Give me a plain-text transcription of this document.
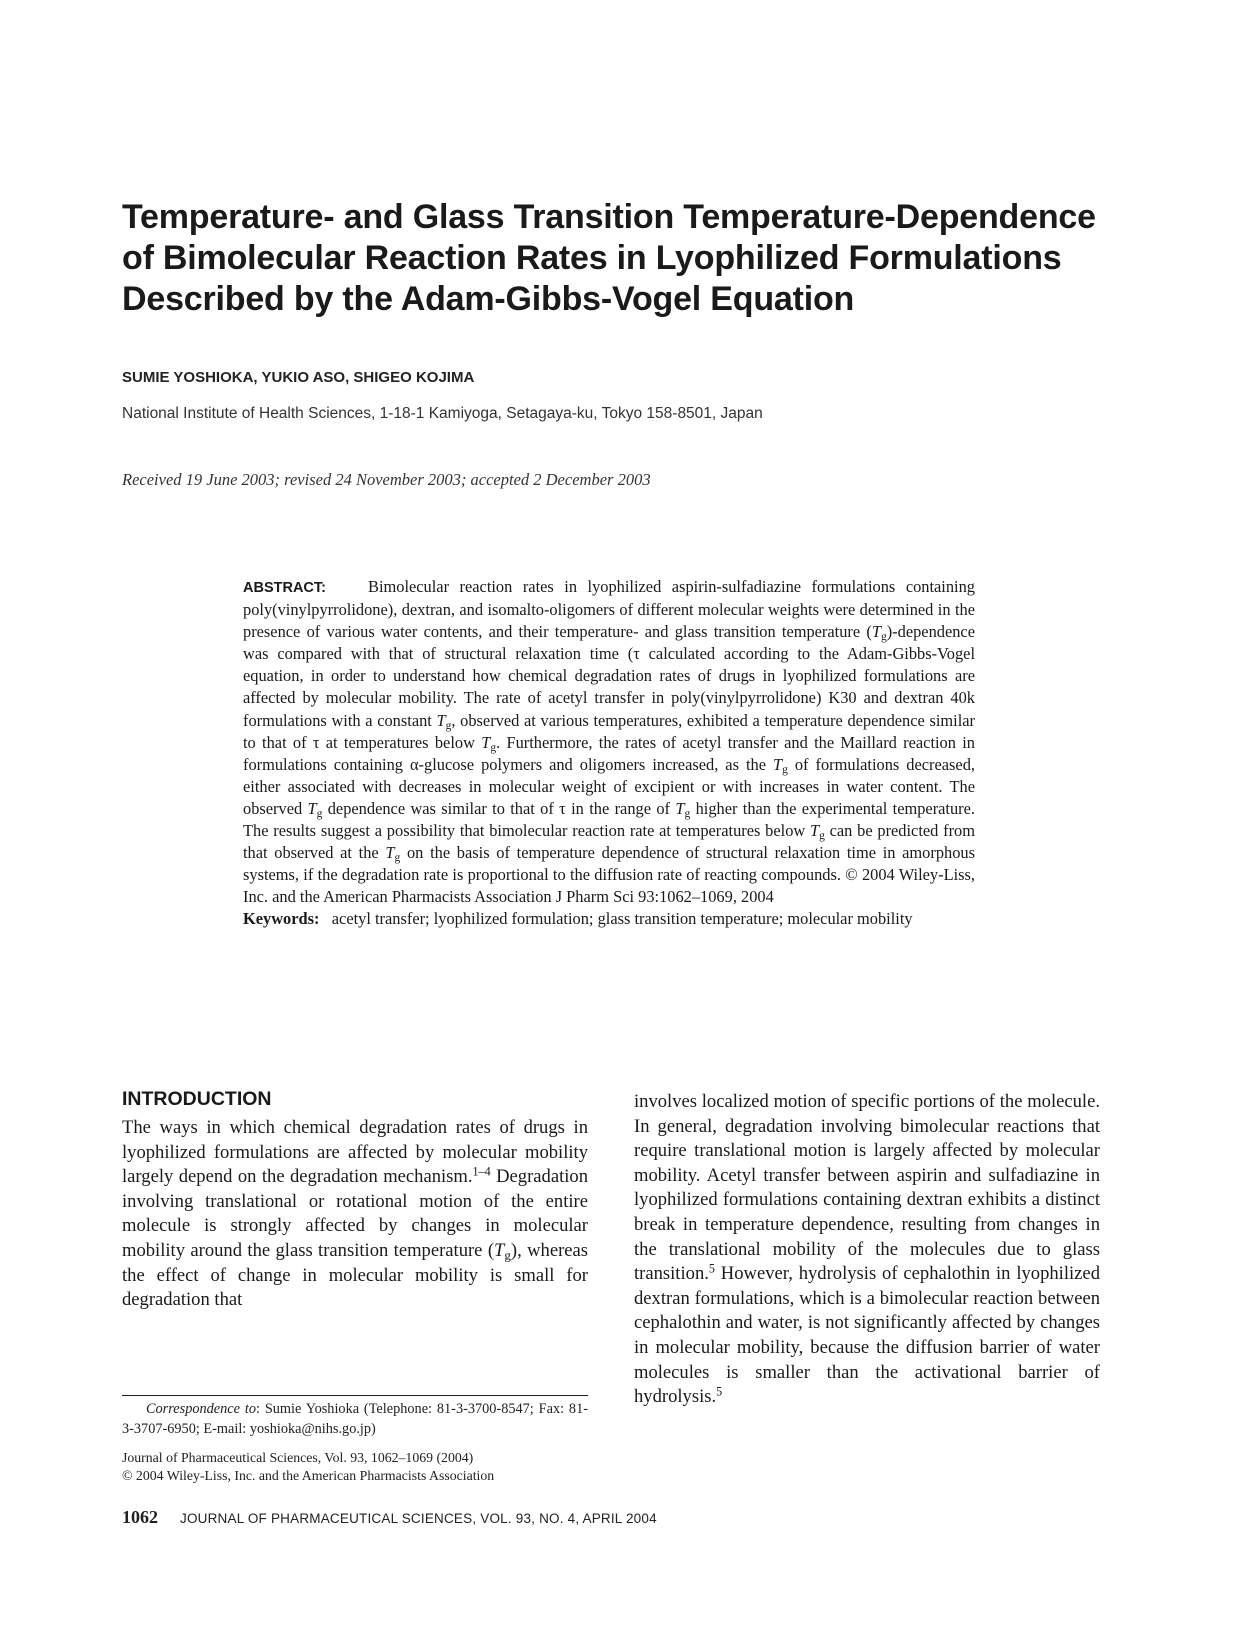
Temperature- and Glass Transition Temperature-Dependence
of Bimolecular Reaction Rates in Lyophilized Formulations
Described by the Adam-Gibbs-Vogel Equation
SUMIE YOSHIOKA, YUKIO ASO, SHIGEO KOJIMA
National Institute of Health Sciences, 1-18-1 Kamiyoga, Setagaya-ku, Tokyo 158-8501, Japan
Received 19 June 2003; revised 24 November 2003; accepted 2 December 2003
ABSTRACT:	Bimolecular reaction rates in lyophilized aspirin-sulfadiazine formulations containing poly(vinylpyrrolidone), dextran, and isomalto-oligomers of different molecular weights were determined in the presence of various water contents, and their temperature- and glass transition temperature $(T_g)$-dependence was compared with that of structural relaxation time (τ calculated according to the Adam-Gibbs-Vogel equation, in order to understand how chemical degradation rates of drugs in lyophilized formulations are affected by molecular mobility. The rate of acetyl transfer in poly(vinylpyrrolidone) K30 and dextran 40k formulations with a constant $T_g$, observed at various temperatures, exhibited a temperature dependence similar to that of τ at temperatures below $T_g$. Furthermore, the rates of acetyl transfer and the Maillard reaction in formulations containing α-glucose polymers and oligomers increased, as the $T_g$ of formulations decreased, either associated with decreases in molecular weight of excipient or with increases in water content. The observed $T_g$ dependence was similar to that of τ in the range of $T_g$ higher than the experimental temperature. The results suggest a possibility that bimolecular reaction rate at temperatures below $T_g$ can be predicted from that observed at the $T_g$ on the basis of temperature dependence of structural relaxation time in amorphous systems, if the degradation rate is proportional to the diffusion rate of reacting compounds. © 2004 Wiley-Liss, Inc. and the American Pharmacists Association J Pharm Sci 93:1062–1069, 2004
Keywords: acetyl transfer; lyophilized formulation; glass transition temperature; molecular mobility
INTRODUCTION
The ways in which chemical degradation rates of drugs in lyophilized formulations are affected by molecular mobility largely depend on the degradation mechanism.$^{1-4}$ Degradation involving translational or rotational motion of the entire molecule is strongly affected by changes in molecular mobility around the glass transition temperature $(T_g)$, whereas the effect of change in molecular mobility is small for degradation that
involves localized motion of specific portions of the molecule. In general, degradation involving bimolecular reactions that require translational motion is largely affected by molecular mobility. Acetyl transfer between aspirin and sulfadiazine in lyophilized formulations containing dextran exhibits a distinct break in temperature dependence, resulting from changes in the translational mobility of the molecules due to glass transition.$^5$ However, hydrolysis of cephalothin in lyophilized dextran formulations, which is a bimolecular reaction between cephalothin and water, is not significantly affected by changes in molecular mobility, because the diffusion barrier of water molecules is smaller than the activational barrier of hydrolysis.$^5$
Correspondence to: Sumie Yoshioka (Telephone: 81-3-3700-8547; Fax: 81-3-3707-6950; E-mail: yoshioka@nihs.go.jp)
Journal of Pharmaceutical Sciences, Vol. 93, 1062–1069 (2004)
© 2004 Wiley-Liss, Inc. and the American Pharmacists Association
1062 JOURNAL OF PHARMACEUTICAL SCIENCES, VOL. 93, NO. 4, APRIL 2004
